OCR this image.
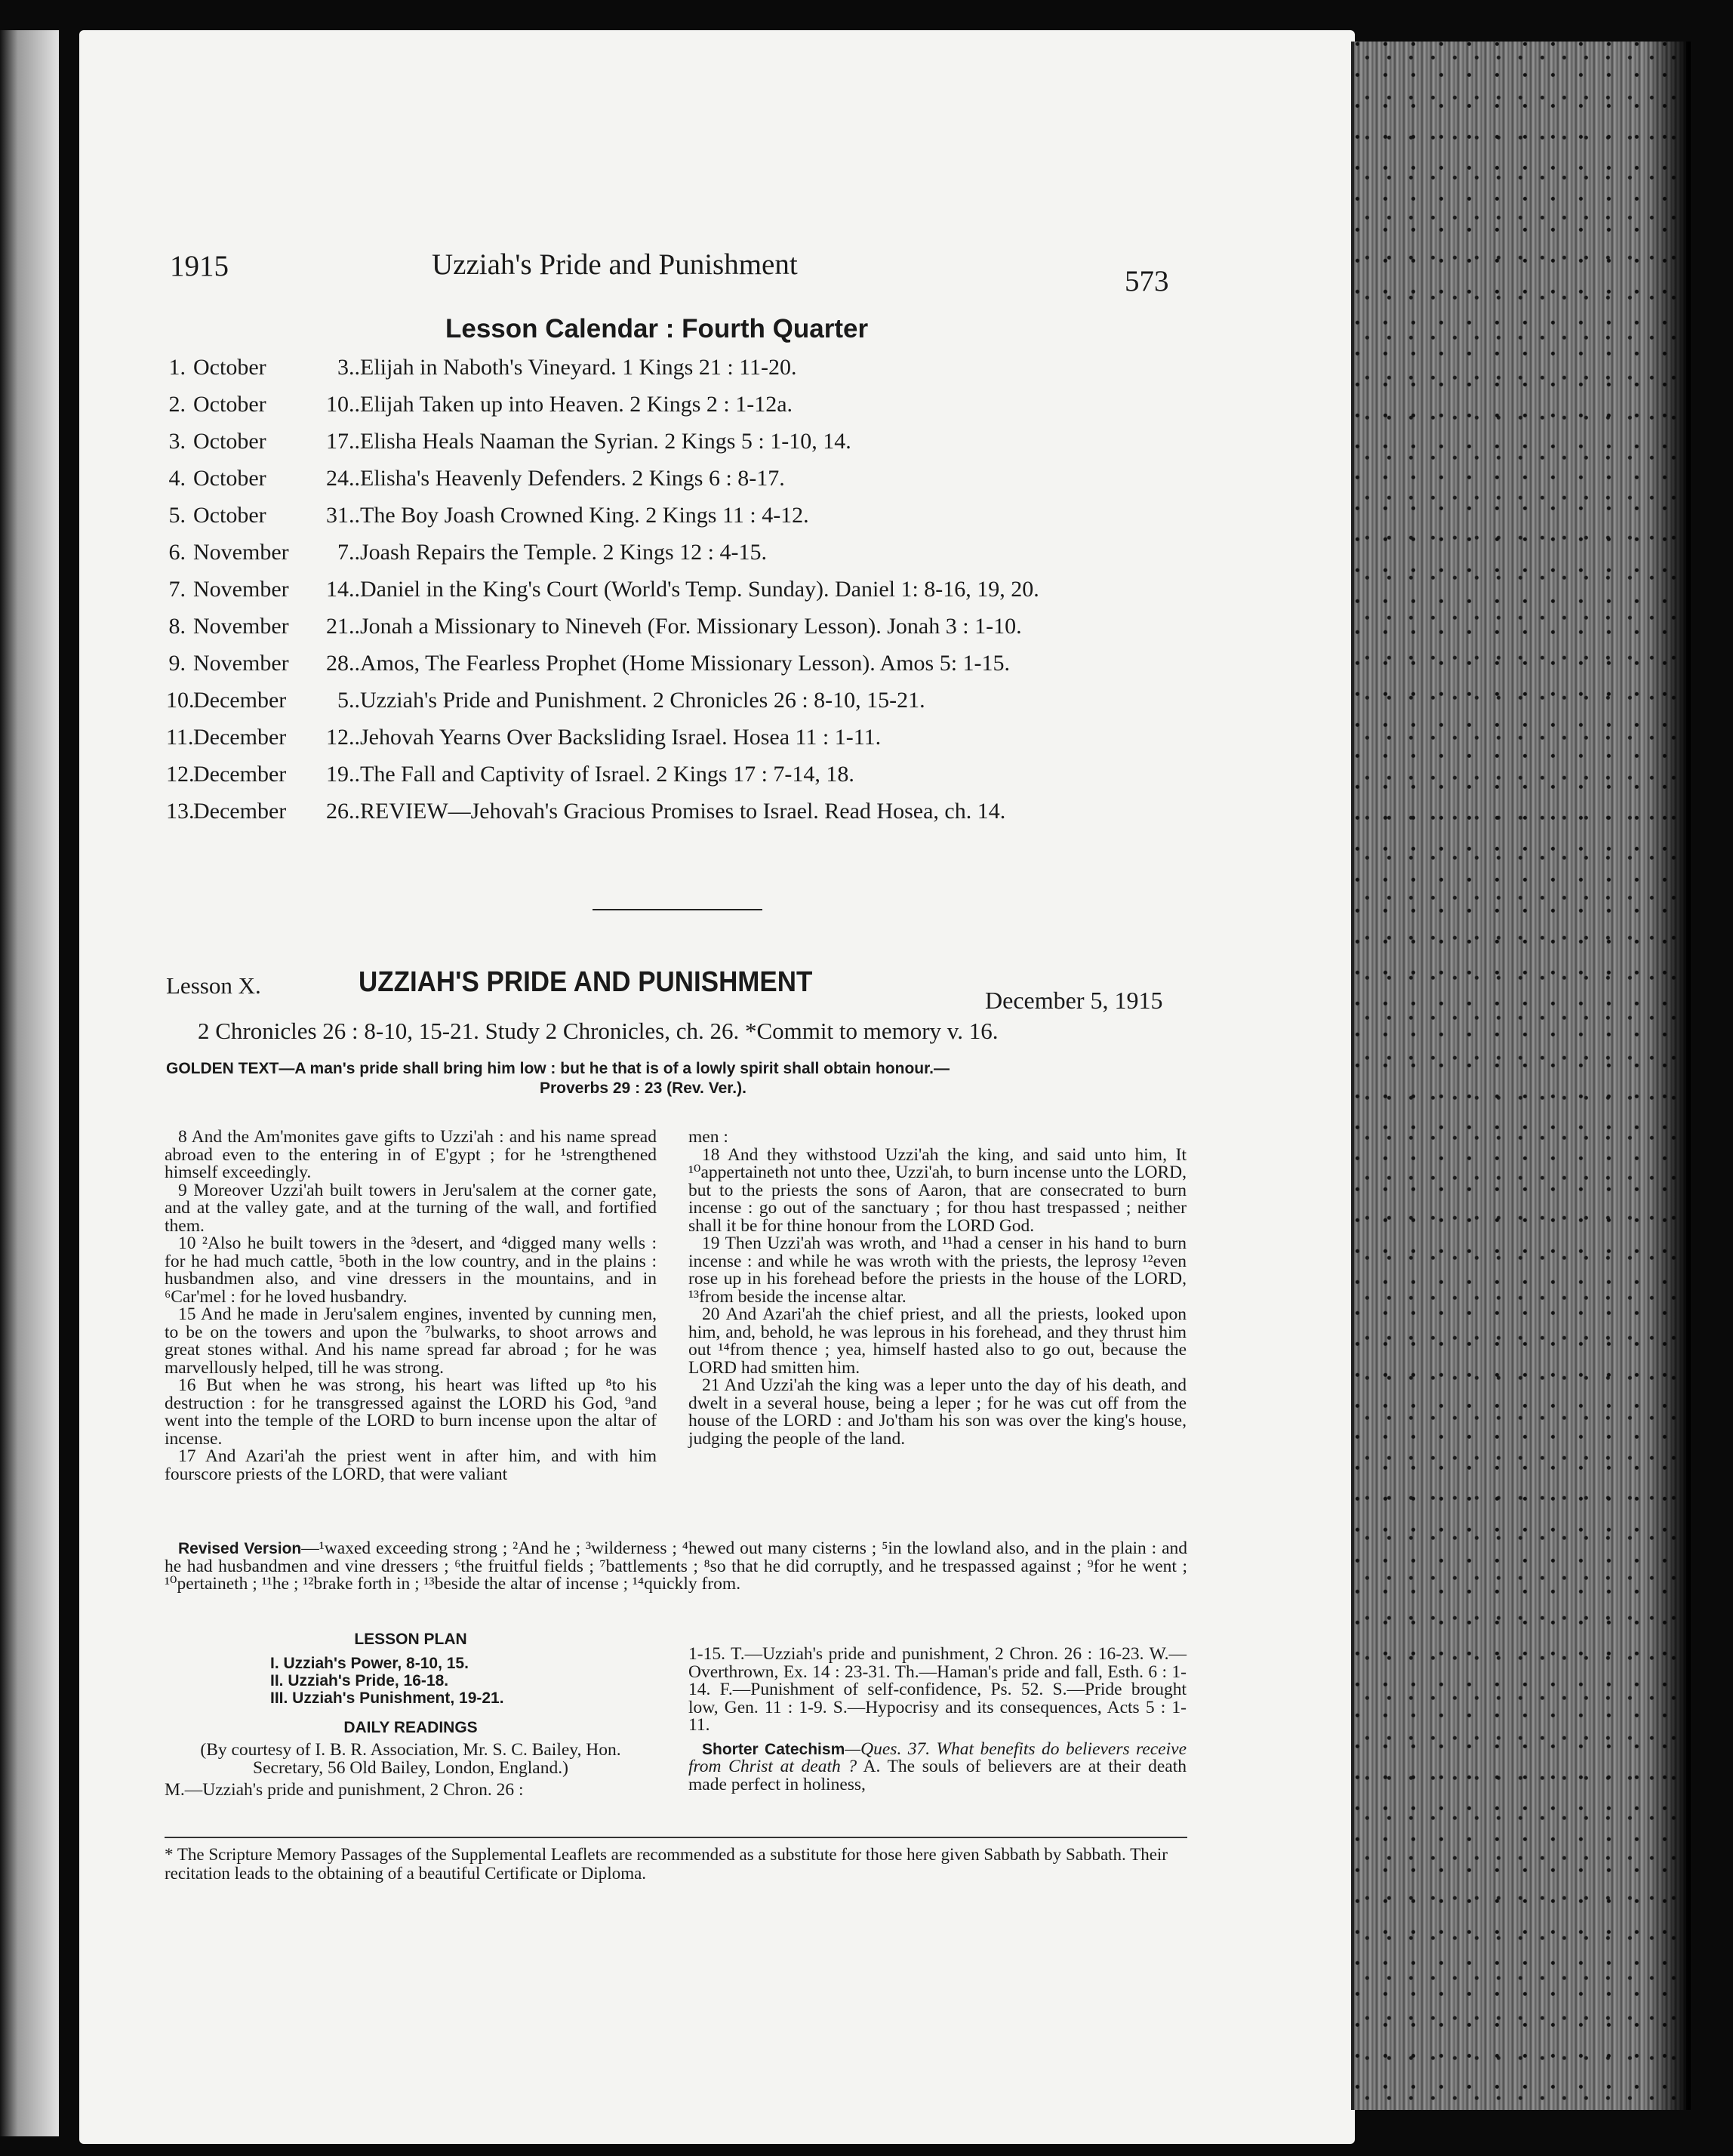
1915	Uzziah's Pride and Punishment
573
Lesson Calendar : Fourth Quarter
1. October	3..Elijah in Naboth's Vineyard. 1 Kings 21 : 11-20.
2. October	10..Elijah Taken up into Heaven. 2 Kings 2 : 1-12a.
3. October	17..Elisha Heals Naaman the Syrian. 2 Kings 5 : 1-10, 14.
4. October	24..Elisha's Heavenly Defenders. 2 Kings 6 : 8-17.
5. October	31..The Boy Joash Crowned King. 2 Kings 11 : 4-12.
6. November 7..Joash Repairs the Temple. 2 Kings 12 : 4-15.
7. November 14..Daniel in the King's Court (World's Temp. Sunday). Daniel 1: 8-16, 19, 20.
8. November 21..Jonah a Missionary to Nineveh (For. Missionary Lesson). Jonah 3 : 1-10.
9. November 28..Amos, The Fearless Prophet (Home Missionary Lesson). Amos 5: 1-15.
10.December 5..Uzziah's Pride and Punishment. 2 Chronicles 26 : 8-10, 15-21.
11.December 12..Jehovah Yearns Over Backsliding Israel. Hosea 11 : 1-11.
12.December 19..The Fall and Captivity of Israel. 2 Kings 17 : 7-14, 18.
13.December 26..REVIEW—Jehovah's Gracious Promises to Israel. Read Hosea, ch. 14.
Lesson X.	UZZIAH'S PRIDE AND PUNISHMENT
December 5, 1915
2 Chronicles 26 : 8-10, 15-21. Study 2 Chronicles, ch. 26. *Commit to memory v. 16.
GOLDEN TEXT—A man's pride shall bring him low : but he that is of a lowly spirit shall obtain honour.—
Proverbs 29 : 23 (Rev. Ver.).

8 And the Am'monites gave gifts to Uzzi'ah : and his name spread abroad even to the entering in of E'gypt ; for he ¹strengthened himself exceedingly.

9 Moreover Uzzi'ah built towers in Jeru'salem at the corner gate, and at the valley gate, and at the turning of the wall, and fortified them.

10 ²Also he built towers in the ³desert, and ⁴digged many wells : for he had much cattle, ⁵both in the low country, and in the plains : husbandmen also, and vine dressers in the mountains, and in ⁶Car'mel : for he loved husbandry.

15 And he made in Jeru'salem engines, invented by cunning men, to be on the towers and upon the ⁷bulwarks, to shoot arrows and great stones withal. And his name spread far abroad ; for he was marvellously helped, till he was strong.

16 But when he was strong, his heart was lifted up ⁸to his destruction : for he transgressed against the LORD his God, ⁹and went into the temple of the LORD to burn incense upon the altar of incense.

17 And Azari'ah the priest went in after him, and with him fourscore priests of the LORD, that were valiant

men :

18 And they withstood Uzzi'ah the king, and said unto him, It ¹⁰appertaineth not unto thee, Uzzi'ah, to burn incense unto the LORD, but to the priests the sons of Aaron, that are consecrated to burn incense : go out of the sanctuary ; for thou hast trespassed ; neither shall it be for thine honour from the LORD God.

19 Then Uzzi'ah was wroth, and ¹¹had a censer in his hand to burn incense : and while he was wroth with the priests, the leprosy ¹²even rose up in his forehead before the priests in the house of the LORD, ¹³from beside the incense altar.

20 And Azari'ah the chief priest, and all the priests, looked upon him, and, behold, he was leprous in his forehead, and they thrust him out ¹⁴from thence ; yea, himself hasted also to go out, because the LORD had smitten him.

21 And Uzzi'ah the king was a leper unto the day of his death, and dwelt in a several house, being a leper ; for he was cut off from the house of the LORD : and Jo'tham his son was over the king's house, judging the people of the land.

Revised Version—¹waxed exceeding strong ; ²And he ; ³wilderness ; ⁴hewed out many cisterns ; ⁵in the lowland also, and in the plain : and he had husbandmen and vine dressers ; ⁶the fruitful fields ; ⁷battlements ; ⁸so that he did corruptly, and he trespassed against ; ⁹for he went ; ¹⁰pertaineth ; ¹¹he ; ¹²brake forth in ; ¹³beside the altar of incense ; ¹⁴quickly from.

LESSON PLAN
I. Uzziah's Power, 8-10, 15.
II. Uzziah's Pride, 16-18.
III. Uzziah's Punishment, 19-21.
DAILY READINGS
(By courtesy of I. B. R. Association, Mr. S. C. Bailey, Hon. Secretary, 56 Old Bailey, London, England.)
M.—Uzziah's pride and punishment, 2 Chron. 26 :

1-15. T.—Uzziah's pride and punishment, 2 Chron. 26 : 16-23. W.—Overthrown, Ex. 14 : 23-31. Th.—Haman's pride and fall, Esth. 6 : 1-14. F.—Punishment of self-confidence, Ps. 52. S.—Pride brought low, Gen. 11 : 1-9. S.—Hypocrisy and its consequences, Acts 5 : 1-11.

Shorter Catechism—Ques. 37. What benefits do believers receive from Christ at death ? A. The souls of believers are at their death made perfect in holiness,

* The Scripture Memory Passages of the Supplemental Leaflets are recommended as a substitute for those here given Sabbath by Sabbath. Their recitation leads to the obtaining of a beautiful Certificate or Diploma.
